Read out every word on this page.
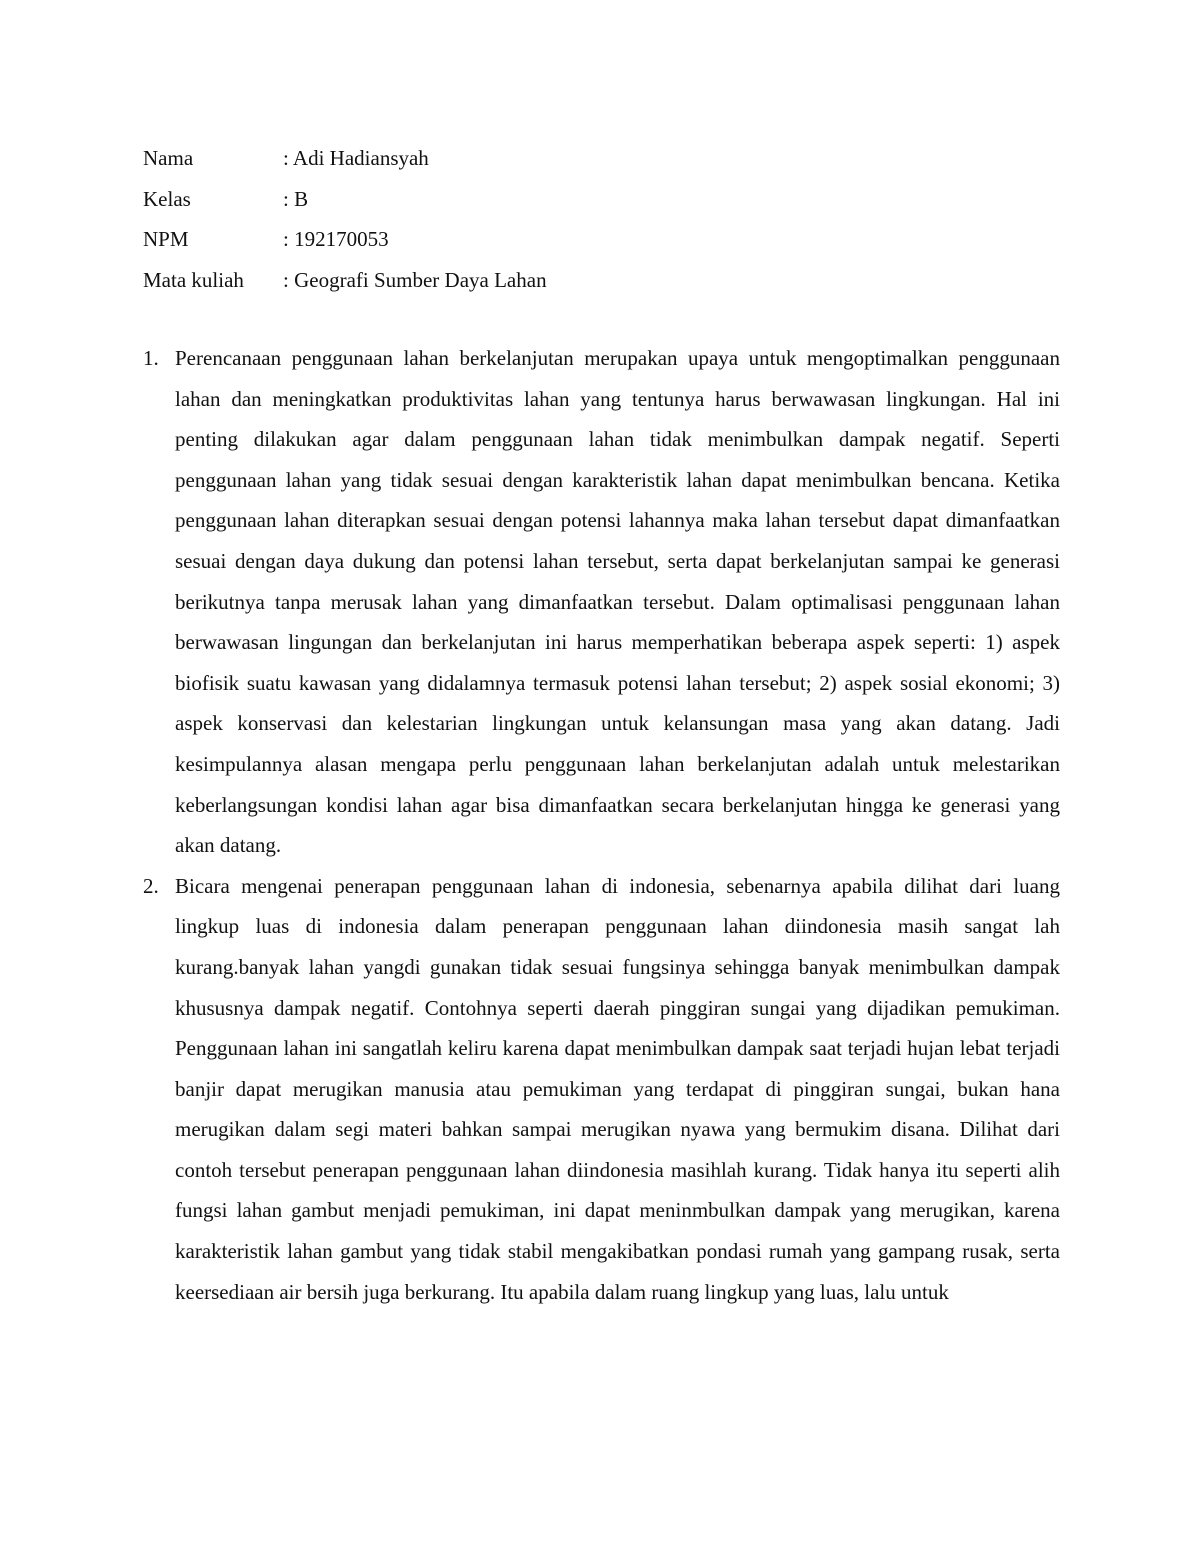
Nama	: Adi Hadiansyah
Kelas	: B
NPM	: 192170053
Mata kuliah	: Geografi Sumber Daya Lahan
1. Perencanaan penggunaan lahan berkelanjutan merupakan upaya untuk mengoptimalkan penggunaan lahan dan meningkatkan produktivitas lahan yang tentunya harus berwawasan lingkungan. Hal ini penting dilakukan agar dalam penggunaan lahan tidak menimbulkan dampak negatif. Seperti penggunaan lahan yang tidak sesuai dengan karakteristik lahan dapat menimbulkan bencana. Ketika penggunaan lahan diterapkan sesuai dengan potensi lahannya maka lahan tersebut dapat dimanfaatkan sesuai dengan daya dukung dan potensi lahan tersebut, serta dapat berkelanjutan sampai ke generasi berikutnya tanpa merusak lahan yang dimanfaatkan tersebut. Dalam optimalisasi penggunaan lahan berwawasan lingungan dan berkelanjutan ini harus memperhatikan beberapa aspek seperti: 1) aspek biofisik suatu kawasan yang didalamnya termasuk potensi lahan tersebut; 2) aspek sosial ekonomi; 3) aspek konservasi dan kelestarian lingkungan untuk kelansungan masa yang akan datang. Jadi kesimpulannya alasan mengapa perlu penggunaan lahan berkelanjutan adalah untuk melestarikan keberlangsungan kondisi lahan agar bisa dimanfaatkan secara berkelanjutan hingga ke generasi yang akan datang.
2. Bicara mengenai penerapan penggunaan lahan di indonesia, sebenarnya apabila dilihat dari luang lingkup luas di indonesia dalam penerapan penggunaan lahan diindonesia masih sangat lah kurang.banyak lahan yangdi gunakan tidak sesuai fungsinya sehingga banyak menimbulkan dampak khususnya dampak negatif. Contohnya seperti daerah pinggiran sungai yang dijadikan pemukiman. Penggunaan lahan ini sangatlah keliru karena dapat menimbulkan dampak saat terjadi hujan lebat terjadi banjir dapat merugikan manusia atau pemukiman yang terdapat di pinggiran sungai, bukan hana merugikan dalam segi materi bahkan sampai merugikan nyawa yang bermukim disana. Dilihat dari contoh tersebut penerapan penggunaan lahan diindonesia masihlah kurang. Tidak hanya itu seperti alih fungsi lahan gambut menjadi pemukiman, ini dapat meninmbulkan dampak yang merugikan, karena karakteristik lahan gambut yang tidak stabil mengakibatkan pondasi rumah yang gampang rusak, serta keersediaan air bersih juga berkurang. Itu apabila dalam ruang lingkup yang luas, lalu untuk
